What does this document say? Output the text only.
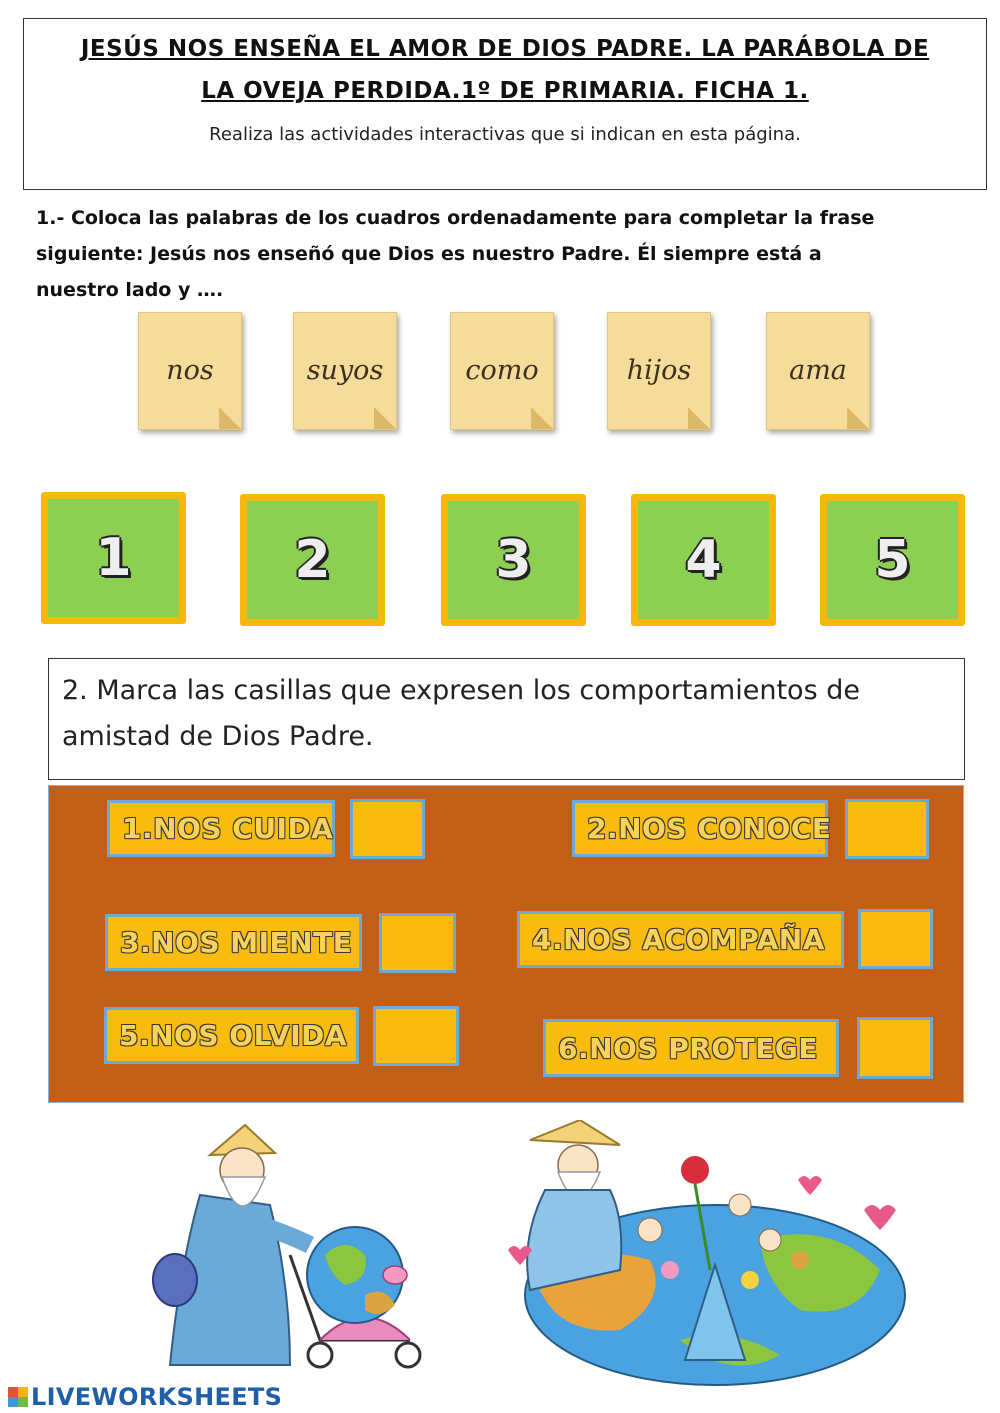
JESÚS NOS ENSEÑA EL AMOR DE DIOS PADRE. LA PARÁBOLA DE
LA OVEJA PERDIDA.1º DE PRIMARIA. FICHA 1.
Realiza las actividades interactivas que si indican en esta página.
1.- Coloca las palabras de los cuadros ordenadamente para completar la frase
siguiente: Jesús nos enseñó que Dios es nuestro Padre. Él siempre está a
nuestro lado y ….
nos	suyos	como	hijos	ama
1	2	3	4	5
2. Marca las casillas que expresen los comportamientos de
amistad de Dios Padre.
1.NOS CUIDA	2.NOS CONOCE
3.NOS MIENTE	4.NOS ACOMPAÑA
5.NOS OLVIDA	6.NOS PROTEGE
LIVEWORKSHEETS
